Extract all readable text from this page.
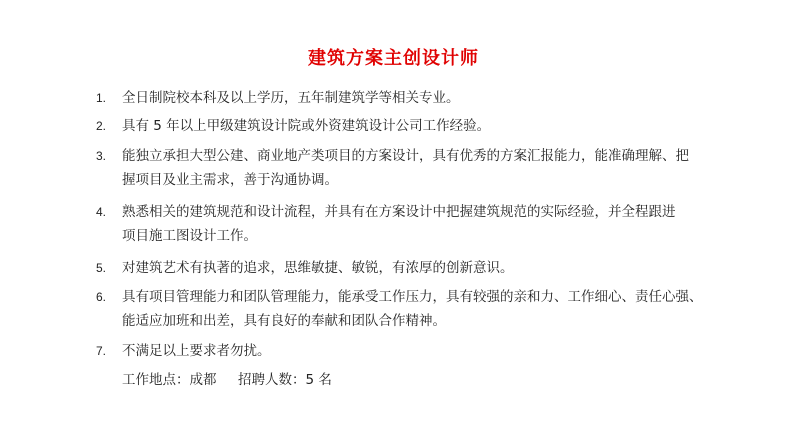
建筑方案主创设计师
1. 全日制院校本科及以上学历，五年制建筑学等相关专业。
2. 具有 5 年以上甲级建筑设计院或外资建筑设计公司工作经验。
3. 能独立承担大型公建、商业地产类项目的方案设计，具有优秀的方案汇报能力，能准确理解、把
握项目及业主需求，善于沟通协调。
4. 熟悉相关的建筑规范和设计流程，并具有在方案设计中把握建筑规范的实际经验，并全程跟进
项目施工图设计工作。
5. 对建筑艺术有执著的追求，思维敏捷、敏锐，有浓厚的创新意识。
6. 具有项目管理能力和团队管理能力，能承受工作压力，具有较强的亲和力、工作细心、责任心强、
能适应加班和出差，具有良好的奉献和团队合作精神。
7. 不满足以上要求者勿扰。
工作地点：成都 招聘人数：5 名
